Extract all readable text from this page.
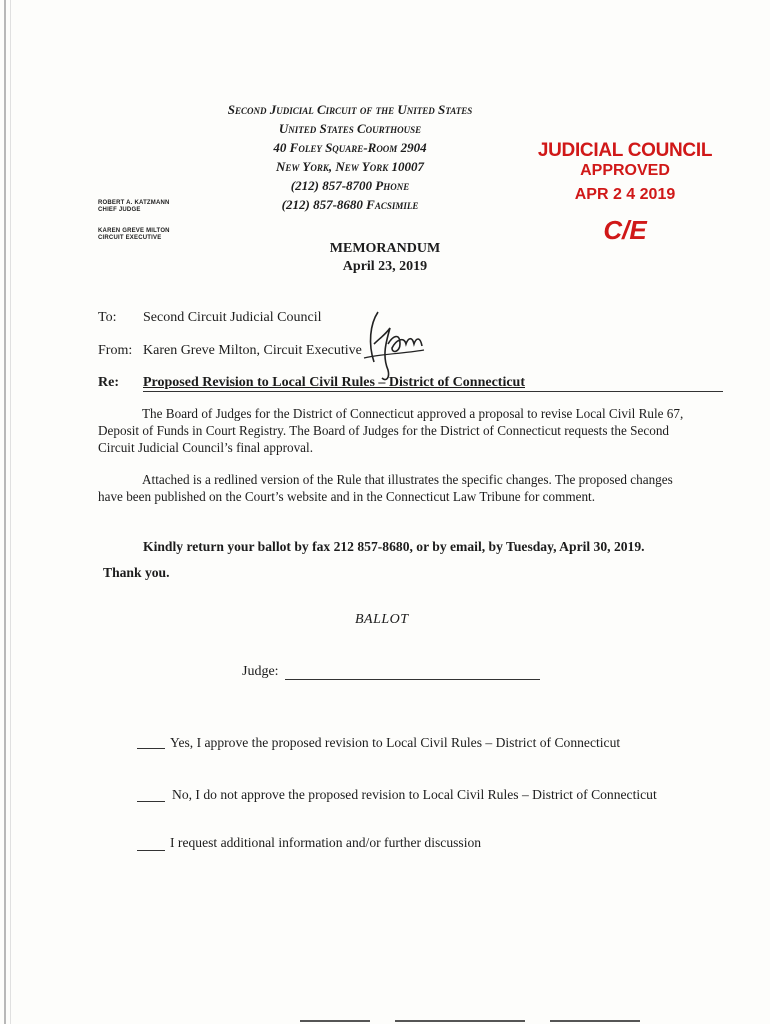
Second Judicial Circuit of the United States
United States Courthouse
40 Foley Square-Room 2904
New York, New York 10007
(212) 857-8700 Phone
(212) 857-8680 Facsimile
ROBERT A. KATZMANN
CHIEF JUDGE
KAREN GREVE MILTON
CIRCUIT EXECUTIVE
JUDICIAL COUNCIL
APPROVED
APR 2 4 2019
C/E
MEMORANDUM
April 23, 2019
To: Second Circuit Judicial Council
From: Karen Greve Milton, Circuit Executive
Re: Proposed Revision to Local Civil Rules – District of Connecticut
The Board of Judges for the District of Connecticut approved a proposal to revise Local Civil Rule 67, Deposit of Funds in Court Registry. The Board of Judges for the District of Connecticut requests the Second Circuit Judicial Council’s final approval.
Attached is a redlined version of the Rule that illustrates the specific changes. The proposed changes have been published on the Court’s website and in the Connecticut Law Tribune for comment.
Kindly return your ballot by fax 212 857-8680, or by email, by Tuesday, April 30, 2019.
Thank you.
BALLOT
Judge:
Yes, I approve the proposed revision to Local Civil Rules – District of Connecticut
No, I do not approve the proposed revision to Local Civil Rules – District of Connecticut
I request additional information and/or further discussion
